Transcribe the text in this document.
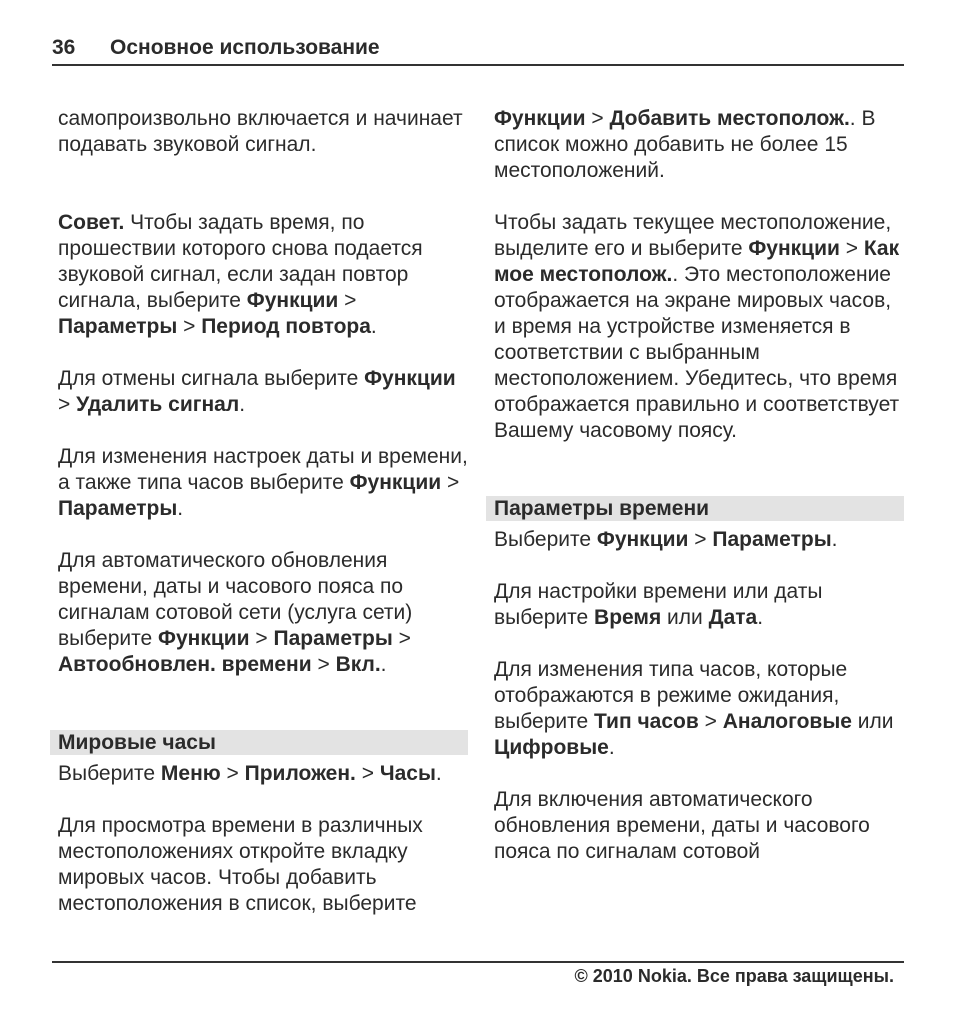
36 Основное использование

самопроизвольно включается и начинает подавать звуковой сигнал.

Совет. Чтобы задать время, по прошествии которого снова подается звуковой сигнал, если задан повтор сигнала, выберите Функции > Параметры > Период повтора.

Для отмены сигнала выберите Функции > Удалить сигнал.

Для изменения настроек даты и времени, а также типа часов выберите Функции > Параметры.

Для автоматического обновления времени, даты и часового пояса по сигналам сотовой сети (услуга сети) выберите Функции > Параметры > Автообновлен. времени > Вкл..

Мировые часы

Выберите Меню > Приложен. > Часы.

Для просмотра времени в различных местоположениях откройте вкладку мировых часов. Чтобы добавить местоположения в список, выберите

Функции > Добавить местополож.. В список можно добавить не более 15 местоположений.

Чтобы задать текущее местоположение, выделите его и выберите Функции > Как мое местополож.. Это местоположение отображается на экране мировых часов, и время на устройстве изменяется в соответствии с выбранным местоположением. Убедитесь, что время отображается правильно и соответствует Вашему часовому поясу.

Параметры времени

Выберите Функции > Параметры.

Для настройки времени или даты выберите Время или Дата.

Для изменения типа часов, которые отображаются в режиме ожидания, выберите Тип часов > Аналоговые или Цифровые.

Для включения автоматического обновления времени, даты и часового пояса по сигналам сотовой

© 2010 Nokia. Все права защищены.
